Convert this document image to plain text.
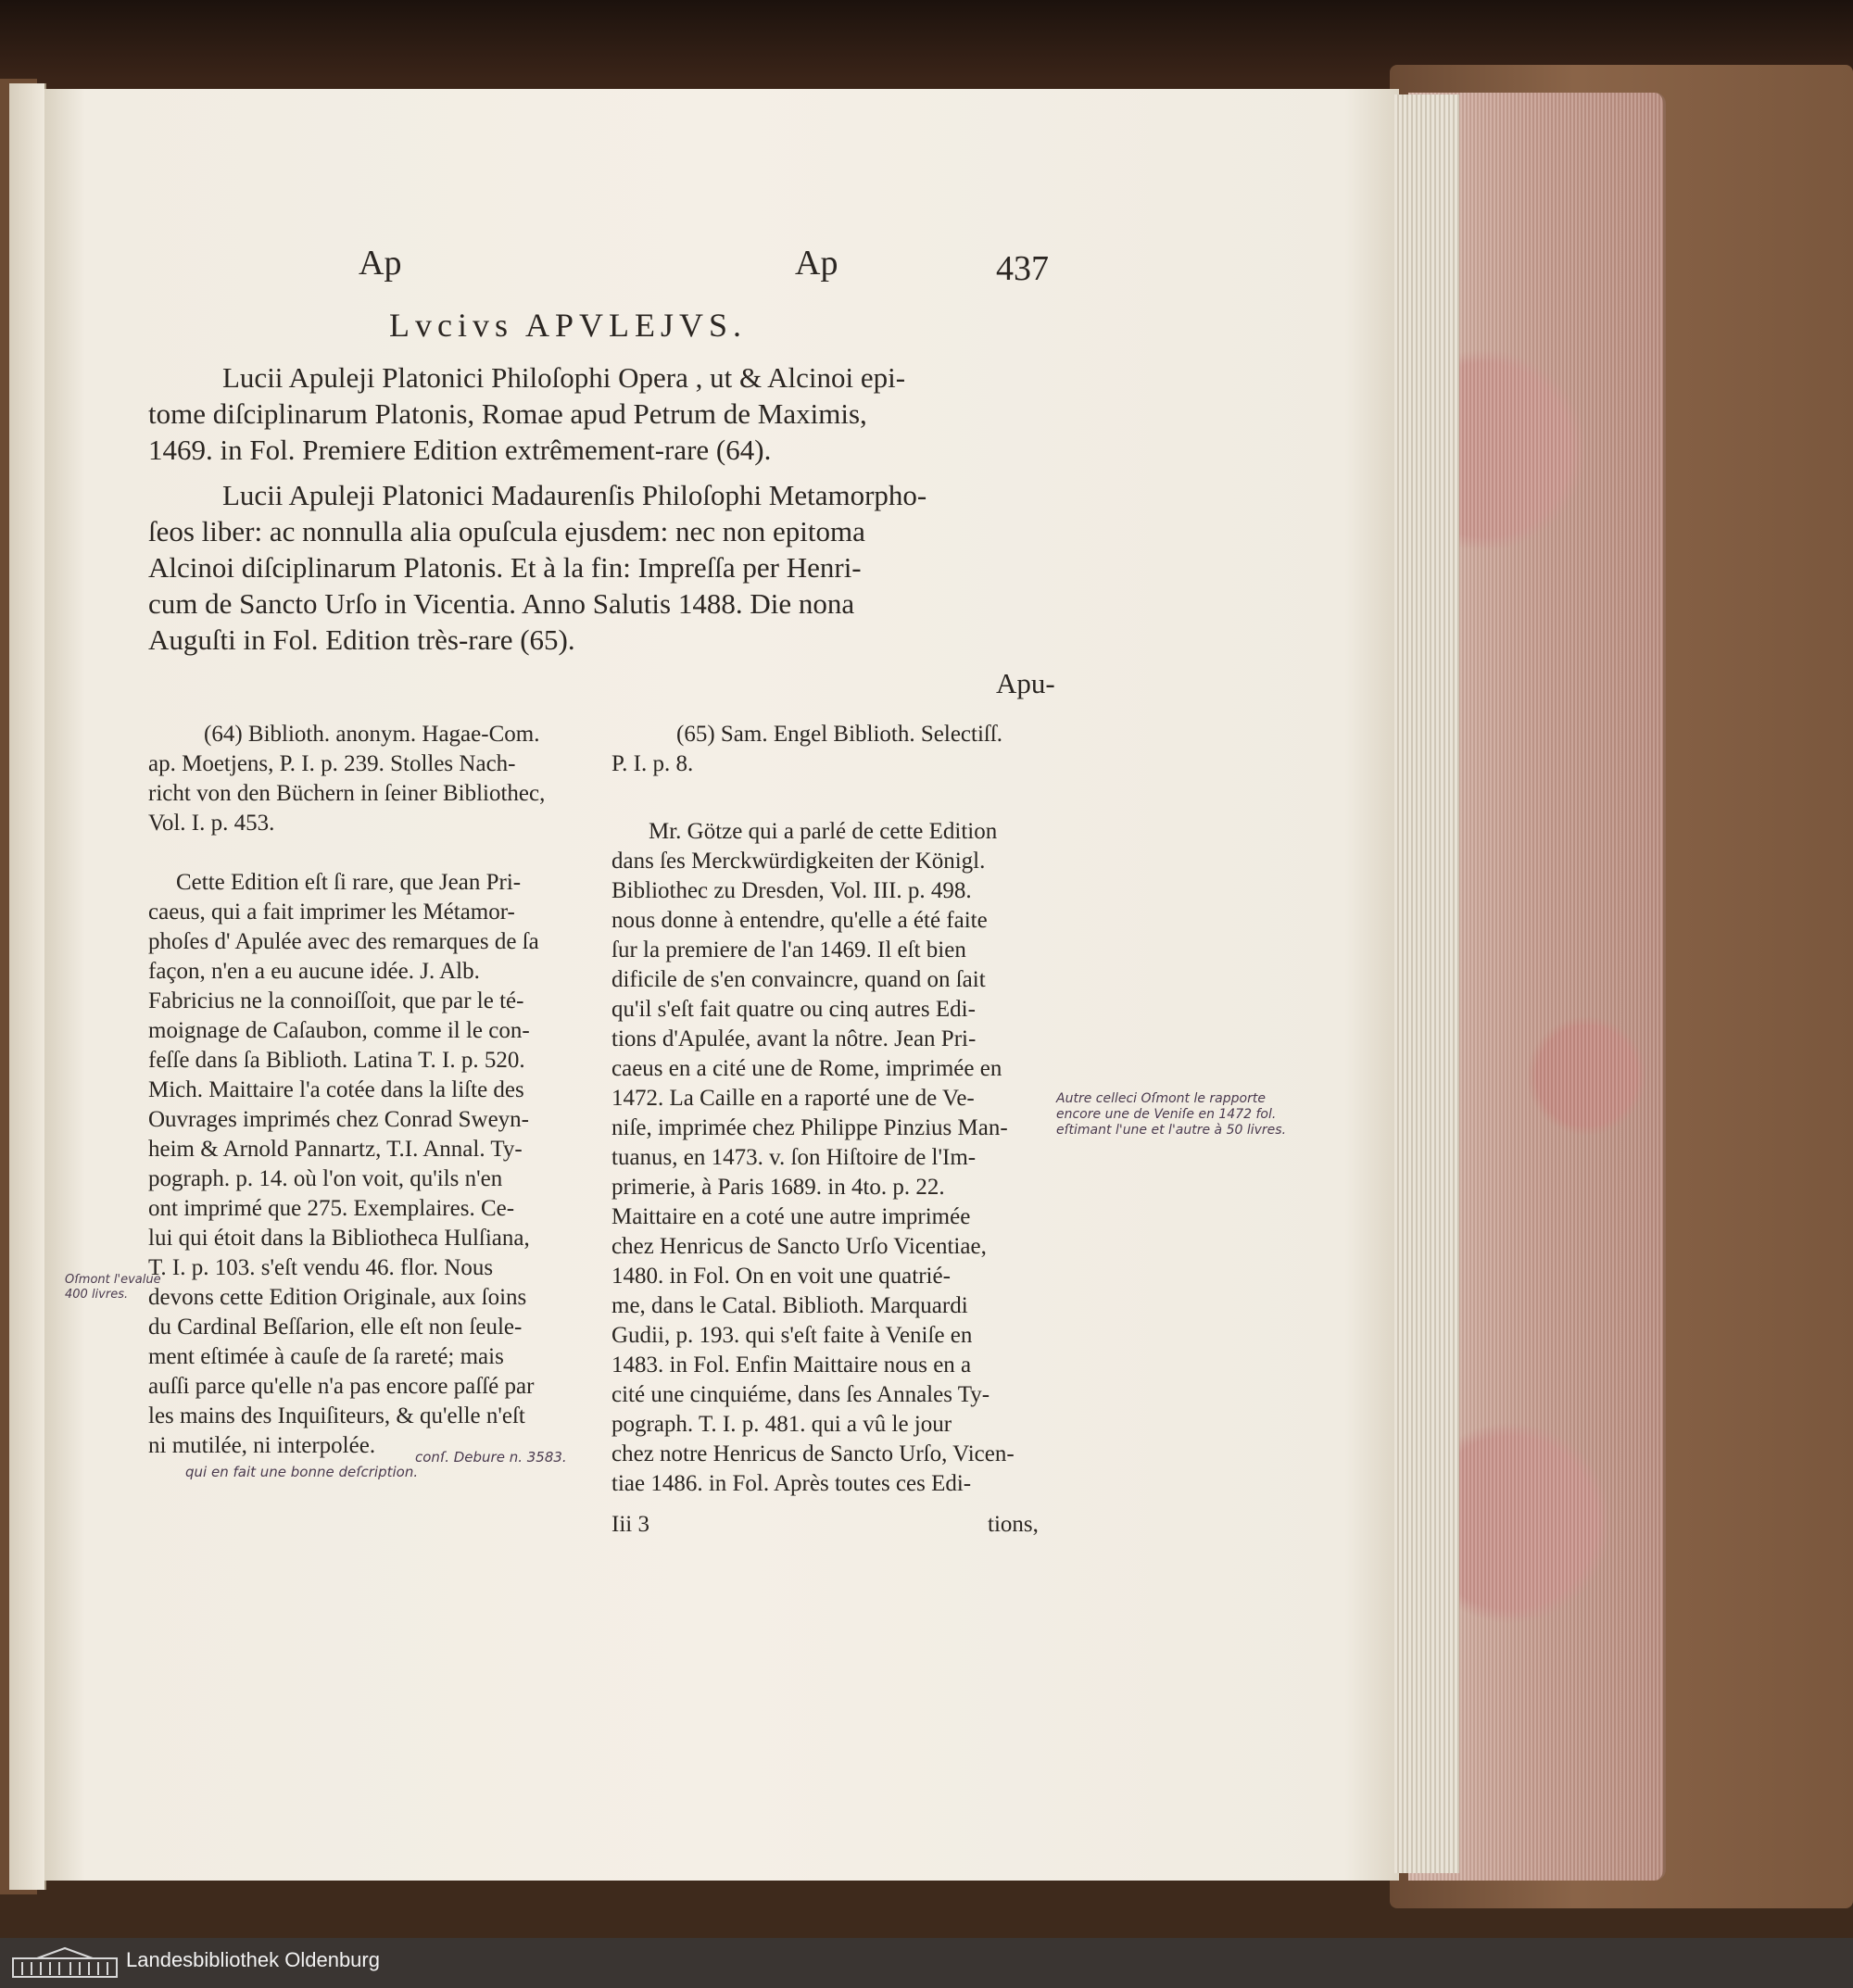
Ap	Ap	437
Lvcivs APVLEJVS.
Lucii Apuleji Platonici Philoſophi Opera , ut & Alcinoi epi-
tome diſciplinarum Platonis, Romae apud Petrum de Maximis,
1469. in Fol. Premiere Edition extrêmement-rare (64).
Lucii Apuleji Platonici Madaurenſis Philoſophi Metamorpho-
ſeos liber: ac nonnulla alia opuſcula ejusdem: nec non epitoma
Alcinoi diſciplinarum Platonis. Et à la fin: Impreſſa per Henri-
cum de Sancto Urſo in Vicentia. Anno Salutis 1488. Die nona
Auguſti in Fol. Edition très-rare (65).
Apu-
(64) Biblioth. anonym. Hagae-Com.
ap. Moetjens, P. I. p. 239. Stolles Nach-
richt von den Büchern in ſeiner Bibliothec,
Vol. I. p. 453.
Cette Edition eſt ſi rare, que Jean Pri-
caeus, qui a fait imprimer les Métamor-
phoſes d' Apulée avec des remarques de ſa
façon, n'en a eu aucune idée. J. Alb.
Fabricius ne la connoiſſoit, que par le té-
moignage de Caſaubon, comme il le con-
feſſe dans ſa Biblioth. Latina T. I. p. 520.
Mich. Maittaire l'a cotée dans la liſte des
Ouvrages imprimés chez Conrad Sweyn-
heim & Arnold Pannartz, T.I. Annal. Ty-
pograph. p. 14. où l'on voit, qu'ils n'en
ont imprimé que 275. Exemplaires. Ce-
lui qui étoit dans la Bibliotheca Hulſiana,
T. I. p. 103. s'eſt vendu 46. flor. Nous
devons cette Edition Originale, aux ſoins
du Cardinal Beſſarion, elle eſt non ſeule-
ment eſtimée à cauſe de ſa rareté; mais
auſſi parce qu'elle n'a pas encore paſſé par
les mains des Inquiſiteurs, & qu'elle n'eſt
ni mutilée, ni interpolée.
(65) Sam. Engel Biblioth. Selectiſſ.
P. I. p. 8.
Mr. Götze qui a parlé de cette Edition
dans ſes Merckwürdigkeiten der Königl.
Bibliothec zu Dresden, Vol. III. p. 498.
nous donne à entendre, qu'elle a été faite
ſur la premiere de l'an 1469. Il eſt bien
dificile de s'en convaincre, quand on ſait
qu'il s'eſt fait quatre ou cinq autres Edi-
tions d'Apulée, avant la nôtre. Jean Pri-
caeus en a cité une de Rome, imprimée en
1472. La Caille en a raporté une de Ve-
niſe, imprimée chez Philippe Pinzius Man-
tuanus, en 1473. v. ſon Hiſtoire de l'Im-
primerie, à Paris 1689. in 4to. p. 22.
Maittaire en a coté une autre imprimée
chez Henricus de Sancto Urſo Vicentiae,
1480. in Fol. On en voit une quatrié-
me, dans le Catal. Biblioth. Marquardi
Gudii, p. 193. qui s'eſt faite à Veniſe en
1483. in Fol. Enfin Maittaire nous en a
cité une cinquiéme, dans ſes Annales Ty-
pograph. T. I. p. 481. qui a vû le jour
chez notre Henricus de Sancto Urſo, Vicen-
tiae 1486. in Fol. Après toutes ces Edi-
Iii 3	tions,
Oſmont l'evalue
400 livres.
conſ. Debure n. 3583.
qui en fait une bonne deſcription.
Autre celleci Oſmont le rapporte
encore une de Veniſe en 1472 fol.
eſtimant l'une et l'autre à 50 livres.
Landesbibliothek Oldenburg
